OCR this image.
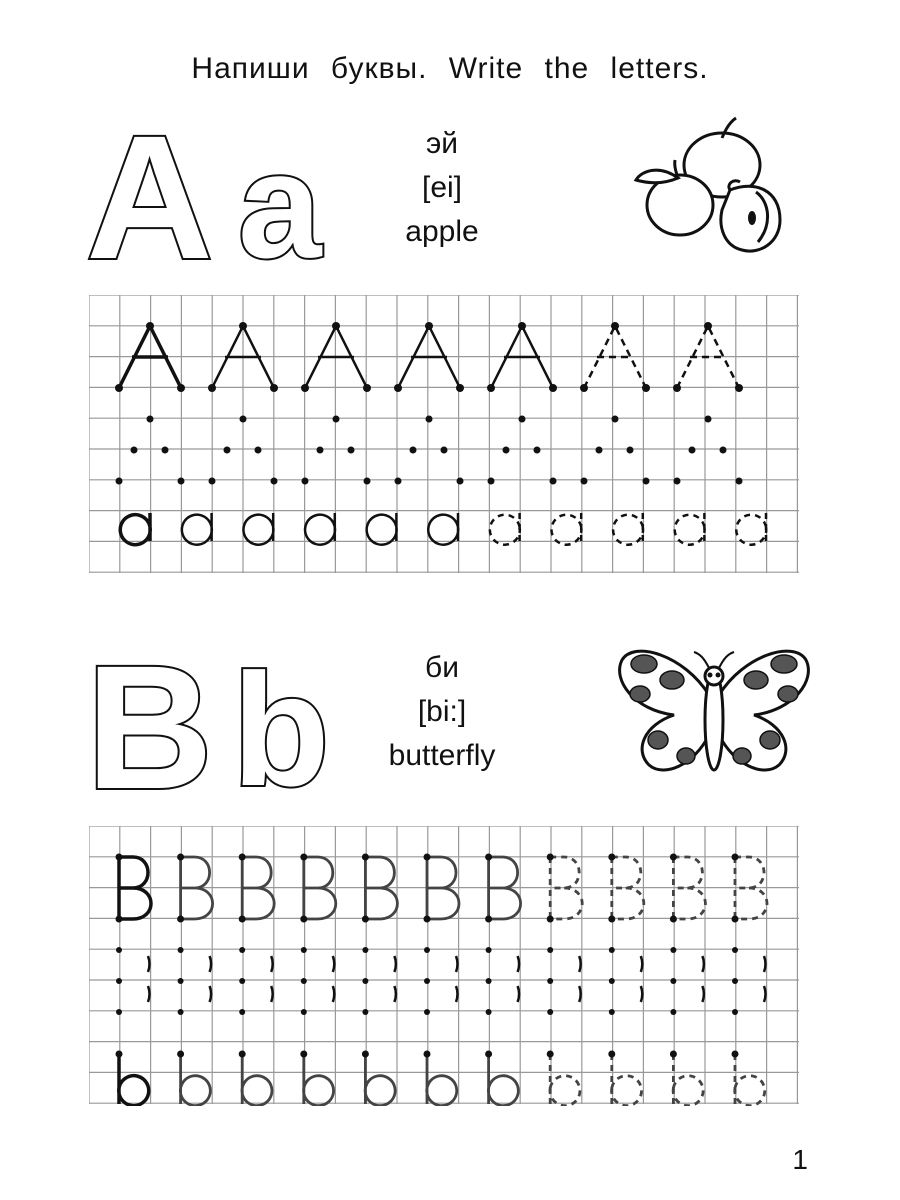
Напиши буквы. Write the letters.
A a	эй
[ei]
apple
B b	би
[bi:]
butterfly
1
